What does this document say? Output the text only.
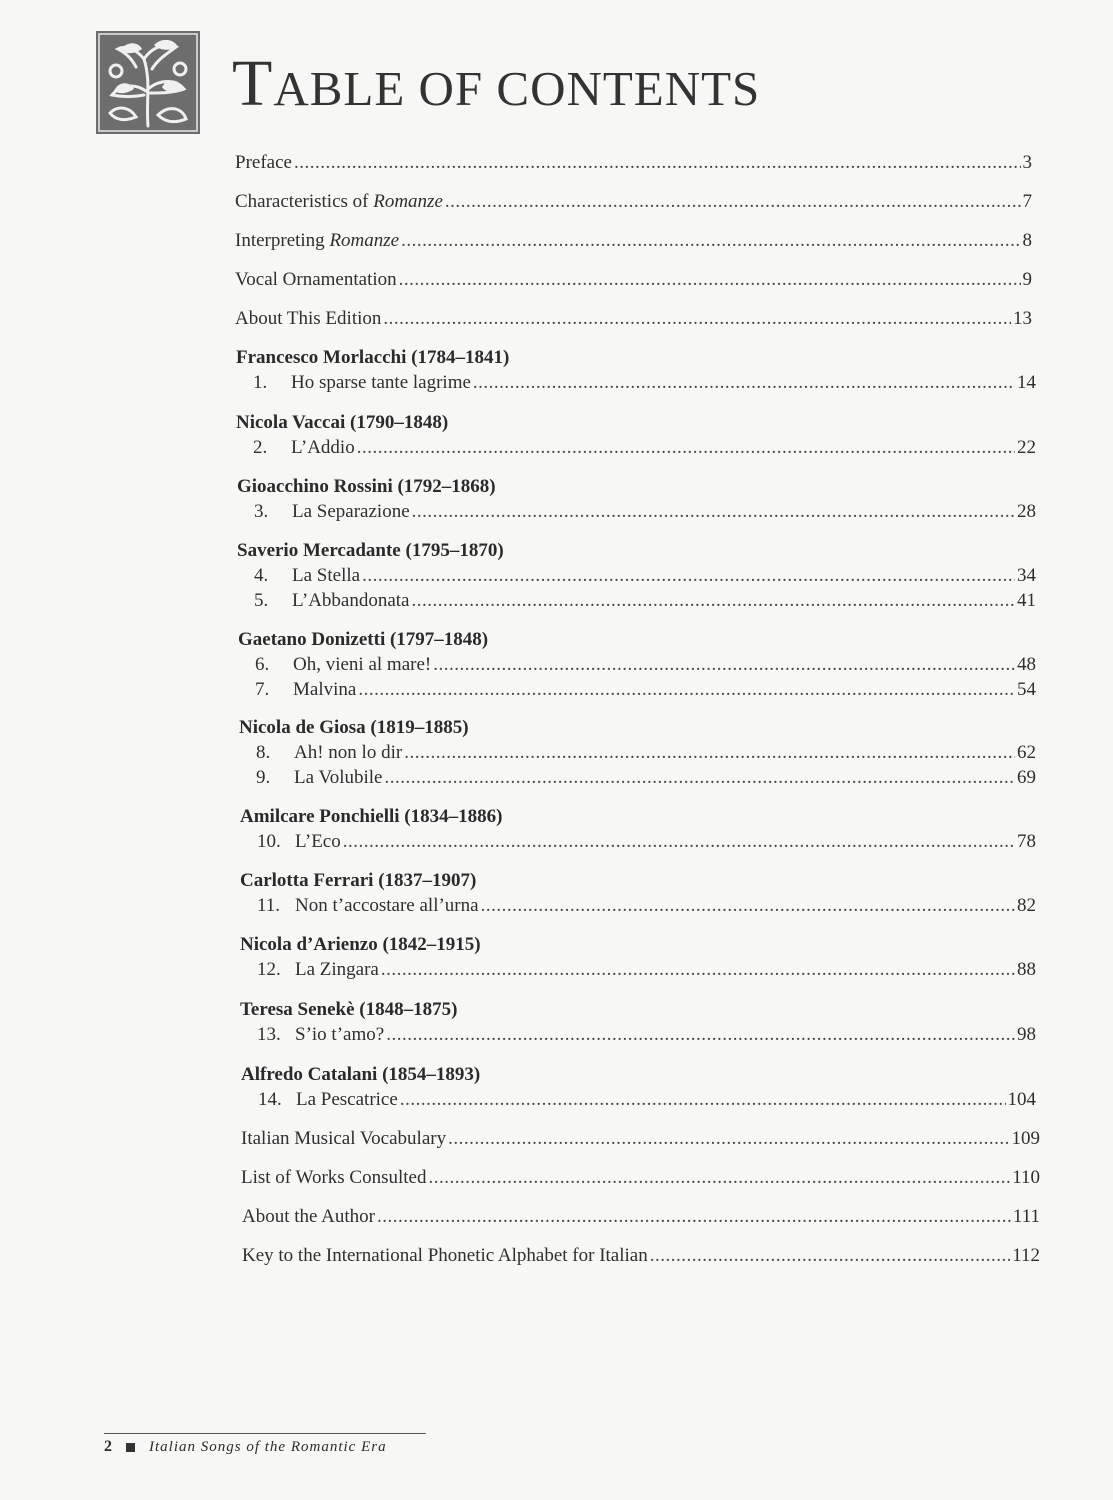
TABLE OF CONTENTS
Preface .....	3
Characteristics of Romanze .....	7
Interpreting Romanze .....	8
Vocal Ornamentation .....	9
About This Edition .....	13
Francesco Morlacchi (1784–1841)
1.	Ho sparse tante lagrime .....	14
Nicola Vaccai (1790–1848)
2.	L’Addio .....	22
Gioacchino Rossini (1792–1868)
3.	La Separazione .....	28
Saverio Mercadante (1795–1870)
4.	La Stella .....	34
5.	L’Abbandonata .....	41
Gaetano Donizetti (1797–1848)
6.	Oh, vieni al mare! .....	48
7.	Malvina .....	54
Nicola de Giosa (1819–1885)
8.	Ah! non lo dir .....	62
9.	La Volubile .....	69
Amilcare Ponchielli (1834–1886)
10. L’Eco .....	78
Carlotta Ferrari (1837–1907)
11. Non t’accostare all’urna .....	82
Nicola d’Arienzo (1842–1915)
12. La Zingara .....	88
Teresa Senekè (1848–1875)
13. S’io t’amo? .....	98
Alfredo Catalani (1854–1893)
14. La Pescatrice .....	104
Italian Musical Vocabulary .....	109
List of Works Consulted .....	110
About the Author .....	111
Key to the International Phonetic Alphabet for Italian .....	112
2 Italian Songs of the Romantic Era
